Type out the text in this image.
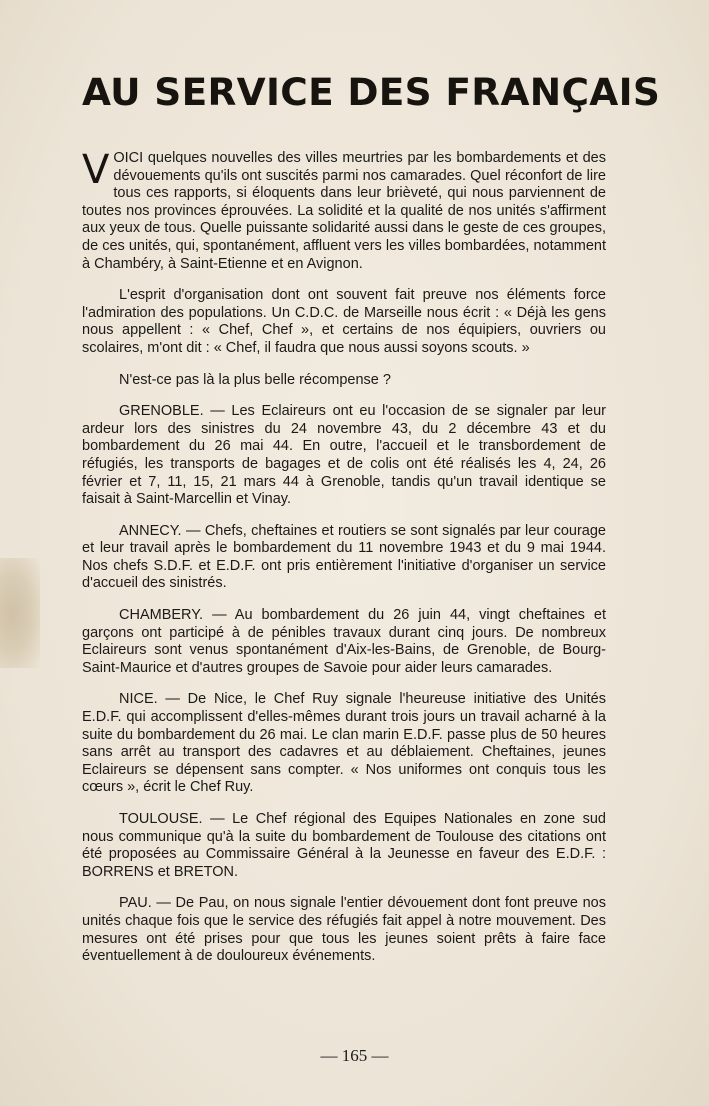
AU SERVICE DES FRANÇAIS

VOICI quelques nouvelles des villes meurtries par les bombardements et des dévouements qu'ils ont suscités parmi nos camarades. Quel réconfort de lire tous ces rapports, si éloquents dans leur brièveté, qui nous parviennent de toutes nos provinces éprouvées. La solidité et la qualité de nos unités s'affirment aux yeux de tous. Quelle puissante solidarité aussi dans le geste de ces groupes, de ces unités, qui, spontanément, affluent vers les villes bombardées, notamment à Chambéry, à Saint-Etienne et en Avignon.

L'esprit d'organisation dont ont souvent fait preuve nos éléments force l'admiration des populations. Un C.D.C. de Marseille nous écrit : « Déjà les gens nous appellent : « Chef, Chef », et certains de nos équipiers, ouvriers ou scolaires, m'ont dit : « Chef, il faudra que nous aussi soyons scouts. »

N'est-ce pas là la plus belle récompense ?

GRENOBLE. — Les Eclaireurs ont eu l'occasion de se signaler par leur ardeur lors des sinistres du 24 novembre 43, du 2 décembre 43 et du bombardement du 26 mai 44. En outre, l'accueil et le transbordement de réfugiés, les transports de bagages et de colis ont été réalisés les 4, 24, 26 février et 7, 11, 15, 21 mars 44 à Grenoble, tandis qu'un travail identique se faisait à Saint-Marcellin et Vinay.

ANNECY. — Chefs, cheftaines et routiers se sont signalés par leur courage et leur travail après le bombardement du 11 novembre 1943 et du 9 mai 1944. Nos chefs S.D.F. et E.D.F. ont pris entièrement l'initiative d'organiser un service d'accueil des sinistrés.

CHAMBERY. — Au bombardement du 26 juin 44, vingt cheftaines et garçons ont participé à de pénibles travaux durant cinq jours. De nombreux Eclaireurs sont venus spontanément d'Aix-les-Bains, de Grenoble, de Bourg-Saint-Maurice et d'autres groupes de Savoie pour aider leurs camarades.

NICE. — De Nice, le Chef Ruy signale l'heureuse initiative des Unités E.D.F. qui accomplissent d'elles-mêmes durant trois jours un travail acharné à la suite du bombardement du 26 mai. Le clan marin E.D.F. passe plus de 50 heures sans arrêt au transport des cadavres et au déblaiement. Cheftaines, jeunes Eclaireurs se dépensent sans compter. « Nos uniformes ont conquis tous les cœurs », écrit le Chef Ruy.

TOULOUSE. — Le Chef régional des Equipes Nationales en zone sud nous communique qu'à la suite du bombardement de Toulouse des citations ont été proposées au Commissaire Général à la Jeunesse en faveur des E.D.F. : BORRENS et BRETON.

PAU. — De Pau, on nous signale l'entier dévouement dont font preuve nos unités chaque fois que le service des réfugiés fait appel à notre mouvement. Des mesures ont été prises pour que tous les jeunes soient prêts à faire face éventuellement à de douloureux événements.

— 165 —
